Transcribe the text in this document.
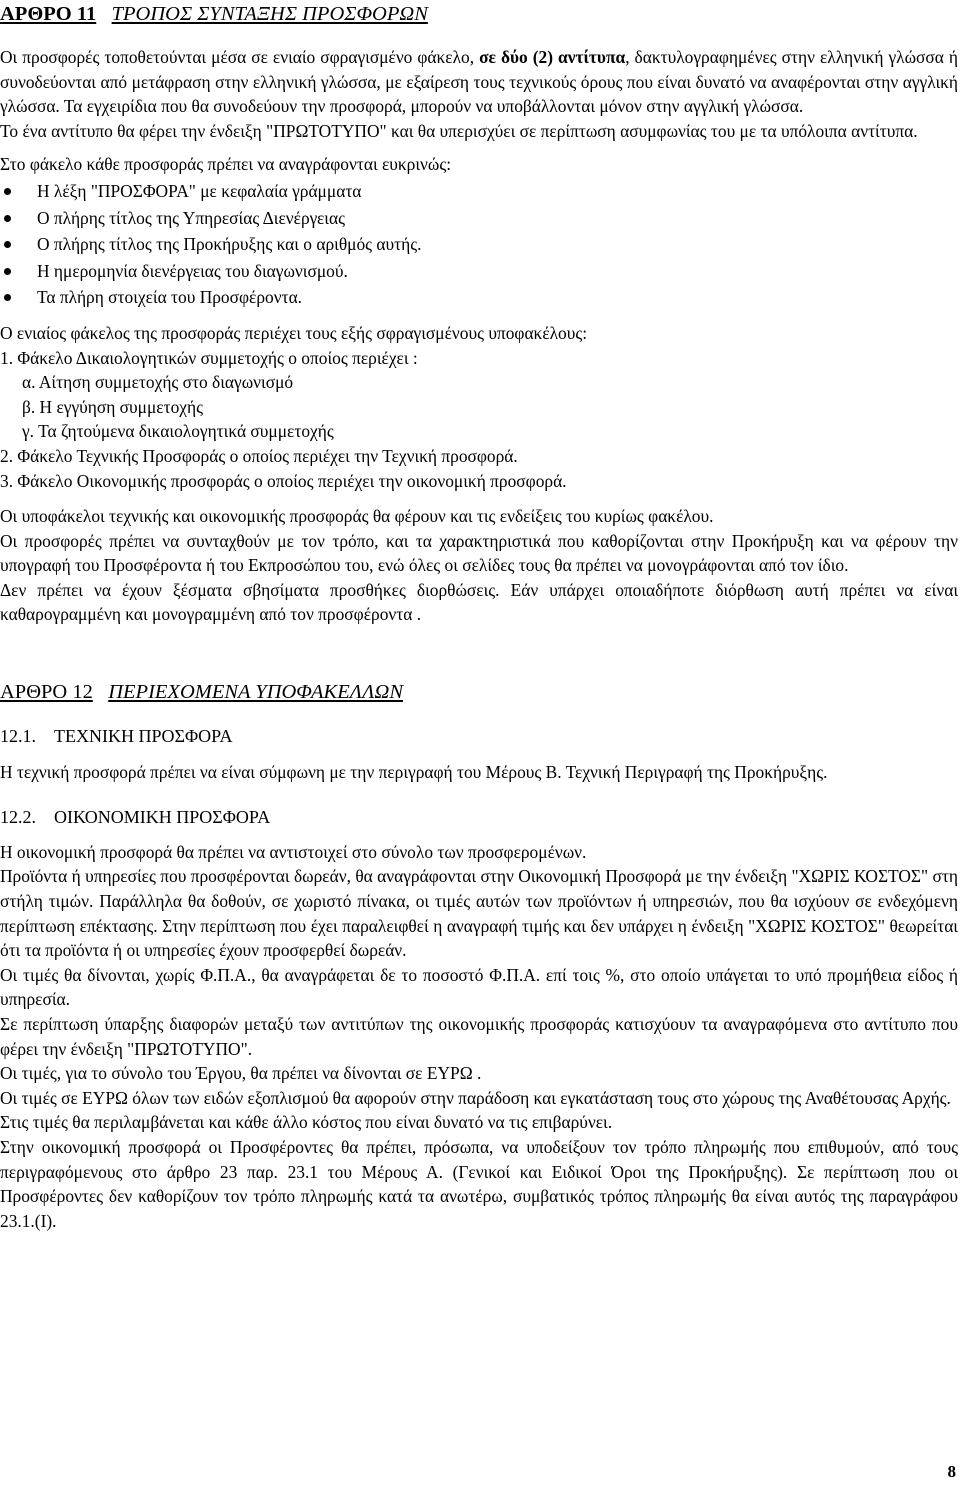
ΑΡΘΡΟ 11 ΤΡΟΠΟΣ ΣΥΝΤΑΞΗΣ ΠΡΟΣΦΟΡΩΝ

Οι προσφορές τοποθετούνται μέσα σε ενιαίο σφραγισμένο φάκελο, σε δύο (2) αντίτυπα, δακτυλογραφημένες στην ελληνική γλώσσα ή συνοδεύονται από μετάφραση στην ελληνική γλώσσα, με εξαίρεση τους τεχνικούς όρους που είναι δυνατό να αναφέρονται στην αγγλική γλώσσα. Τα εγχειρίδια που θα συνοδεύουν την προσφορά, μπορούν να υποβάλλονται μόνον στην αγγλική γλώσσα.

Το ένα αντίτυπο θα φέρει την ένδειξη "ΠΡΩΤΟΤΥΠΟ" και θα υπερισχύει σε περίπτωση ασυμφωνίας του με τα υπόλοιπα αντίτυπα.

Στο φάκελο κάθε προσφοράς πρέπει να αναγράφονται ευκρινώς:

Η λέξη "ΠΡΟΣΦΟΡΑ" με κεφαλαία γράμματα
Ο πλήρης τίτλος της Υπηρεσίας Διενέργειας
Ο πλήρης τίτλος της Προκήρυξης και ο αριθμός αυτής.
Η ημερομηνία διενέργειας του διαγωνισμού.
Τα πλήρη στοιχεία του Προσφέροντα.

Ο ενιαίος φάκελος της προσφοράς περιέχει τους εξής σφραγισμένους υποφακέλους:

1. Φάκελο Δικαιολογητικών συμμετοχής ο οποίος περιέχει :

α. Αίτηση συμμετοχής στο διαγωνισμό

β. Η εγγύηση συμμετοχής

γ. Τα ζητούμενα δικαιολογητικά συμμετοχής

2. Φάκελο Τεχνικής Προσφοράς ο οποίος περιέχει την Τεχνική προσφορά.

3. Φάκελο Οικονομικής προσφοράς ο οποίος περιέχει την οικονομική προσφορά.

Οι υποφάκελοι τεχνικής και οικονομικής προσφοράς θα φέρουν και τις ενδείξεις του κυρίως φακέλου.

Οι προσφορές πρέπει να συνταχθούν με τον τρόπο, και τα χαρακτηριστικά που καθορίζονται στην Προκήρυξη και να φέρουν την υπογραφή του Προσφέροντα ή του Εκπροσώπου του, ενώ όλες οι σελίδες τους θα πρέπει να μονογράφονται από τον ίδιο.

Δεν πρέπει να έχουν ξέσματα σβησίματα προσθήκες διορθώσεις. Εάν υπάρχει οποιαδήποτε διόρθωση αυτή πρέπει να είναι καθαρογραμμένη και μονογραμμένη από τον προσφέροντα .

ΑΡΘΡΟ 12 ΠΕΡΙΕΧΟΜΕΝΑ ΥΠΟΦΑΚΕΛΛΩΝ
12.1. ΤΕΧΝΙΚΗ ΠΡΟΣΦΟΡΑ

Η τεχνική προσφορά πρέπει να είναι σύμφωνη με την περιγραφή του Μέρους Β. Τεχνική Περιγραφή της Προκήρυξης.

12.2. ΟΙΚΟΝΟΜΙΚΗ ΠΡΟΣΦΟΡΑ

Η οικονομική προσφορά θα πρέπει να αντιστοιχεί στο σύνολο των προσφερομένων.

Προϊόντα ή υπηρεσίες που προσφέρονται δωρεάν, θα αναγράφονται στην Οικονομική Προσφορά με την ένδειξη "ΧΩΡΙΣ ΚΟΣΤΟΣ" στη στήλη τιμών. Παράλληλα θα δοθούν, σε χωριστό πίνακα, οι τιμές αυτών των προϊόντων ή υπηρεσιών, που θα ισχύουν σε ενδεχόμενη περίπτωση επέκτασης. Στην περίπτωση που έχει παραλειφθεί η αναγραφή τιμής και δεν υπάρχει η ένδειξη "ΧΩΡΙΣ ΚΟΣΤΟΣ" θεωρείται ότι τα προϊόντα ή οι υπηρεσίες έχουν προσφερθεί δωρεάν.

Οι τιμές θα δίνονται, χωρίς Φ.Π.Α., θα αναγράφεται δε το ποσοστό Φ.Π.Α. επί τοις %, στο οποίο υπάγεται το υπό προμήθεια είδος ή υπηρεσία.

Σε περίπτωση ύπαρξης διαφορών μεταξύ των αντιτύπων της οικονομικής προσφοράς κατισχύουν τα αναγραφόμενα στο αντίτυπο που φέρει την ένδειξη "ΠΡΩΤΟΤΥΠΟ".

Οι τιμές, για το σύνολο του Έργου, θα πρέπει να δίνονται σε ΕΥΡΩ .

Οι τιμές σε ΕΥΡΩ όλων των ειδών εξοπλισμού θα αφορούν στην παράδοση και εγκατάσταση τους στο χώρους της Αναθέτουσας Αρχής.

Στις τιμές θα περιλαμβάνεται και κάθε άλλο κόστος που είναι δυνατό να τις επιβαρύνει.

Στην οικονομική προσφορά οι Προσφέροντες θα πρέπει, πρόσωπα, να υποδείξουν τον τρόπο πληρωμής που επιθυμούν, από τους περιγραφόμενους στο άρθρο 23 παρ. 23.1 του Μέρους Α. (Γενικοί και Ειδικοί Όροι της Προκήρυξης). Σε περίπτωση που οι Προσφέροντες δεν καθορίζουν τον τρόπο πληρωμής κατά τα ανωτέρω, συμβατικός τρόπος πληρωμής θα είναι αυτός της παραγράφου 23.1.(Ι).

8
